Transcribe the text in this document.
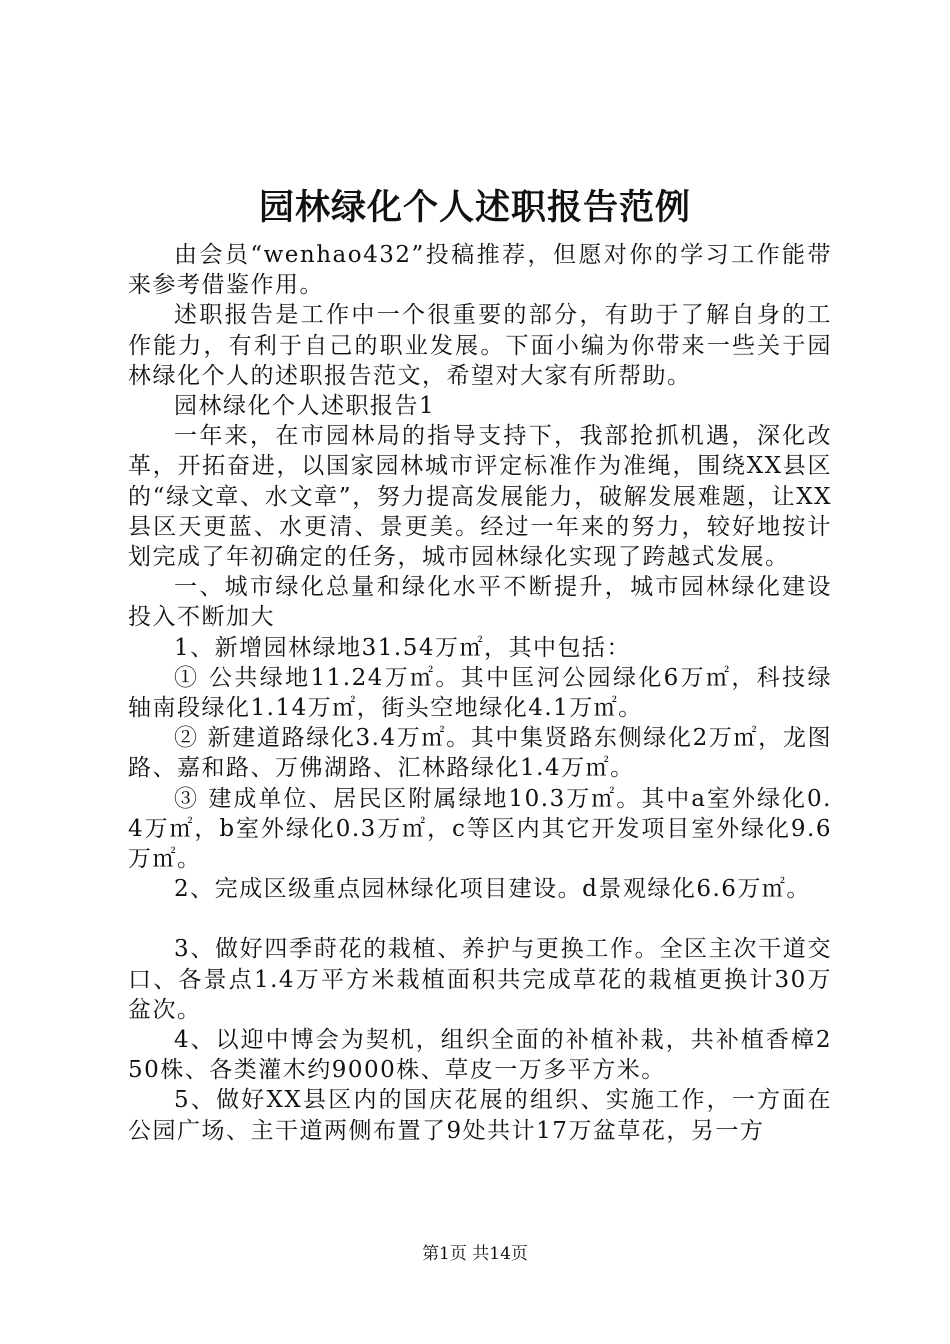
园林绿化个人述职报告范例

由会员“wenhao432”投稿推荐，但愿对你的学习工作能带来参考借鉴作用。

述职报告是工作中一个很重要的部分，有助于了解自身的工作能力，有利于自己的职业发展。下面小编为你带来一些关于园林绿化个人的述职报告范文，希望对大家有所帮助。

园林绿化个人述职报告1

一年来，在市园林局的指导支持下，我部抢抓机遇，深化改革，开拓奋进，以国家园林城市评定标准作为准绳，围绕XX县区的“绿文章、水文章”，努力提高发展能力，破解发展难题，让XX县区天更蓝、水更清、景更美。经过一年来的努力，较好地按计划完成了年初确定的任务，城市园林绿化实现了跨越式发展。

一、城市绿化总量和绿化水平不断提升，城市园林绿化建设投入不断加大

1、新增园林绿地31.54万㎡，其中包括：

① 公共绿地11.24万㎡。其中匡河公园绿化6万㎡，科技绿轴南段绿化1.14万㎡，街头空地绿化4.1万㎡。

② 新建道路绿化3.4万㎡。其中集贤路东侧绿化2万㎡，龙图路、嘉和路、万佛湖路、汇林路绿化1.4万㎡。

③ 建成单位、居民区附属绿地10.3万㎡。其中a室外绿化0.4万㎡，b室外绿化0.3万㎡，c等区内其它开发项目室外绿化9.6万㎡。

2、完成区级重点园林绿化项目建设。d景观绿化6.6万㎡。

3、做好四季莳花的栽植、养护与更换工作。全区主次干道交口、各景点1.4万平方米栽植面积共完成草花的栽植更换计30万盆次。

4、以迎中博会为契机，组织全面的补植补栽，共补植香樟250株、各类灌木约9000株、草皮一万多平方米。

5、做好XX县区内的国庆花展的组织、实施工作，一方面在公园广场、主干道两侧布置了9处共计17万盆草花，另一方

第1页 共14页
